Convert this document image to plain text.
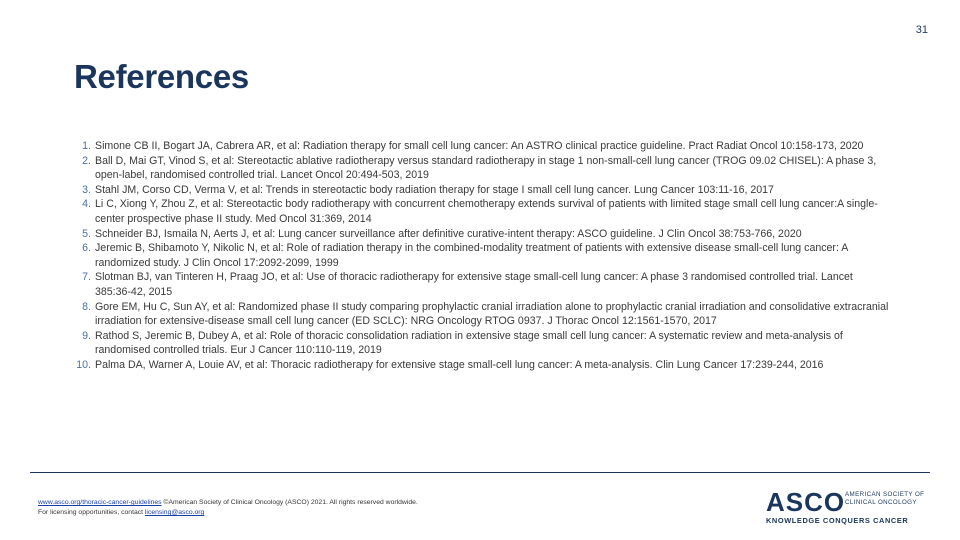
31
References
1. Simone CB II, Bogart JA, Cabrera AR, et al: Radiation therapy for small cell lung cancer: An ASTRO clinical practice guideline. Pract Radiat Oncol 10:158-173, 2020
2. Ball D, Mai GT, Vinod S, et al: Stereotactic ablative radiotherapy versus standard radiotherapy in stage 1 non-small-cell lung cancer (TROG 09.02 CHISEL): A phase 3, open-label, randomised controlled trial. Lancet Oncol 20:494-503, 2019
3. Stahl JM, Corso CD, Verma V, et al: Trends in stereotactic body radiation therapy for stage I small cell lung cancer. Lung Cancer 103:11-16, 2017
4. Li C, Xiong Y, Zhou Z, et al: Stereotactic body radiotherapy with concurrent chemotherapy extends survival of patients with limited stage small cell lung cancer:A single-center prospective phase II study. Med Oncol 31:369, 2014
5. Schneider BJ, Ismaila N, Aerts J, et al: Lung cancer surveillance after definitive curative-intent therapy: ASCO guideline. J Clin Oncol 38:753-766, 2020
6. Jeremic B, Shibamoto Y, Nikolic N, et al: Role of radiation therapy in the combined-modality treatment of patients with extensive disease small-cell lung cancer: A randomized study. J Clin Oncol 17:2092-2099, 1999
7. Slotman BJ, van Tinteren H, Praag JO, et al: Use of thoracic radiotherapy for extensive stage small-cell lung cancer: A phase 3 randomised controlled trial. Lancet 385:36-42, 2015
8. Gore EM, Hu C, Sun AY, et al: Randomized phase II study comparing prophylactic cranial irradiation alone to prophylactic cranial irradiation and consolidative extracranial irradiation for extensive-disease small cell lung cancer (ED SCLC): NRG Oncology RTOG 0937. J Thorac Oncol 12:1561-1570, 2017
9. Rathod S, Jeremic B, Dubey A, et al: Role of thoracic consolidation radiation in extensive stage small cell lung cancer: A systematic review and meta-analysis of randomised controlled trials. Eur J Cancer 110:110-119, 2019
10. Palma DA, Warner A, Louie AV, et al: Thoracic radiotherapy for extensive stage small-cell lung cancer: A meta-analysis. Clin Lung Cancer 17:239-244, 2016
www.asco.org/thoracic-cancer-guidelines ©American Society of Clinical Oncology (ASCO) 2021. All rights reserved worldwide.
For licensing opportunities, contact licensing@asco.org	ASCO AMERICAN SOCIETY OF
CLINICAL ONCOLOGY
KNOWLEDGE CONQUERS CANCER
